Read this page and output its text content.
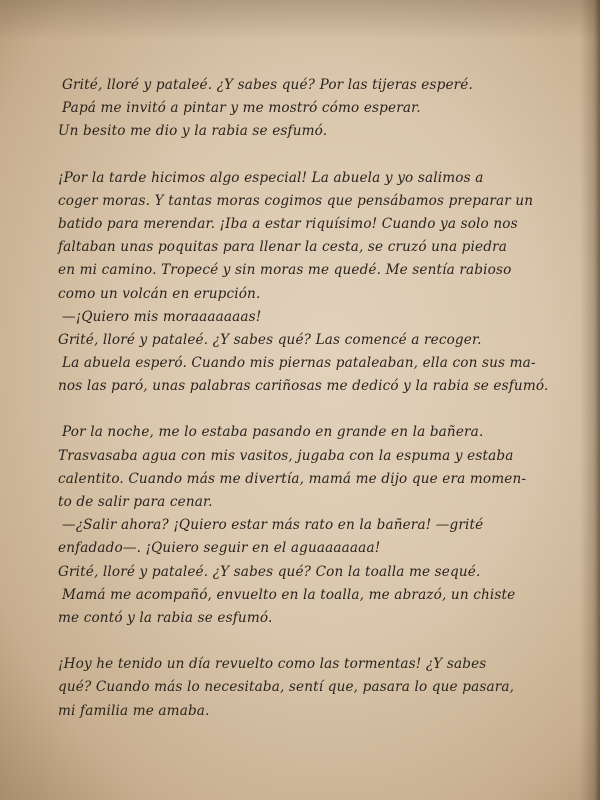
Grité, lloré y pataleé. ¿Y sabes qué? Por las tijeras esperé.
Papá me invitó a pintar y me mostró cómo esperar.
Un besito me dio y la rabia se esfumó.
¡Por la tarde hicimos algo especial! La abuela y yo salimos a
coger moras. Y tantas moras cogimos que pensábamos preparar un
batido para merendar. ¡Iba a estar riquísimo! Cuando ya solo nos
faltaban unas poquitas para llenar la cesta, se cruzó una piedra
en mi camino. Tropecé y sin moras me quedé. Me sentía rabioso
como un volcán en erupción.
—¡Quiero mis moraaaaaaas!
Grité, lloré y pataleé. ¿Y sabes qué? Las comencé a recoger.
La abuela esperó. Cuando mis piernas pataleaban, ella con sus ma-
nos las paró, unas palabras cariñosas me dedicó y la rabia se esfumó.
Por la noche, me lo estaba pasando en grande en la bañera.
Trasvasaba agua con mis vasitos, jugaba con la espuma y estaba
calentito. Cuando más me divertía, mamá me dijo que era momen-
to de salir para cenar.
—¿Salir ahora? ¡Quiero estar más rato en la bañera! —grité
enfadado—. ¡Quiero seguir en el aguaaaaaaa!
Grité, lloré y pataleé. ¿Y sabes qué? Con la toalla me sequé.
Mamá me acompañó, envuelto en la toalla, me abrazó, un chiste
me contó y la rabia se esfumó.
¡Hoy he tenido un día revuelto como las tormentas! ¿Y sabes
qué? Cuando más lo necesitaba, sentí que, pasara lo que pasara,
mi familia me amaba.
